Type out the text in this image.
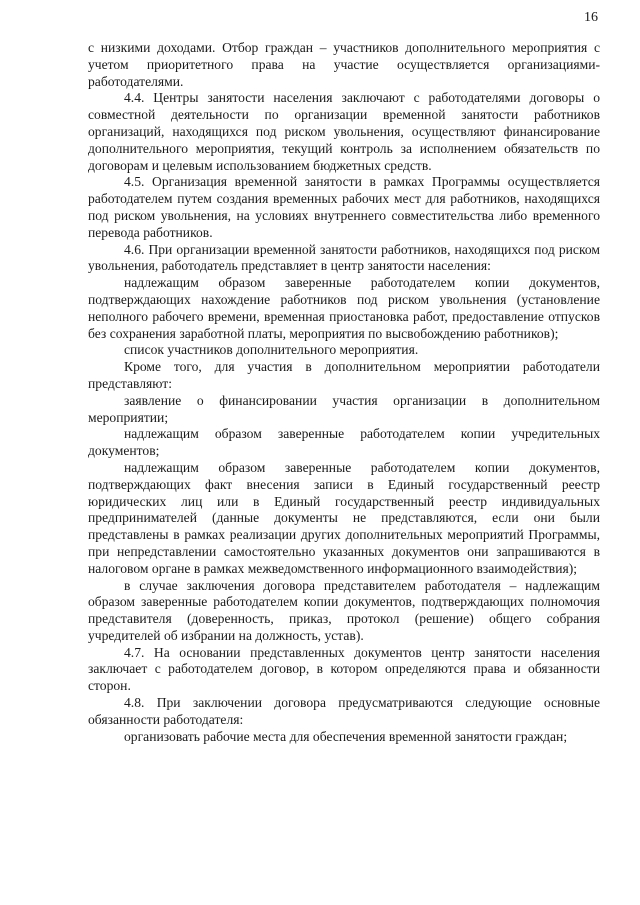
16

с низкими доходами. Отбор граждан – участников дополнительного мероприятия с учетом приоритетного права на участие осуществляется организациями-работодателями.

4.4. Центры занятости населения заключают с работодателями договоры о совместной деятельности по организации временной занятости работников организаций, находящихся под риском увольнения, осуществляют финансирование дополнительного мероприятия, текущий контроль за исполнением обязательств по договорам и целевым использованием бюджетных средств.

4.5. Организация временной занятости в рамках Программы осуществляется работодателем путем создания временных рабочих мест для работников, находящихся под риском увольнения, на условиях внутреннего совместительства либо временного перевода работников.

4.6. При организации временной занятости работников, находящихся под риском увольнения, работодатель представляет в центр занятости населения:

надлежащим образом заверенные работодателем копии документов, подтверждающих нахождение работников под риском увольнения (установление неполного рабочего времени, временная приостановка работ, предоставление отпусков без сохранения заработной платы, мероприятия по высвобождению работников);

список участников дополнительного мероприятия.

Кроме того, для участия в дополнительном мероприятии работодатели представляют:

заявление о финансировании участия организации в дополнительном мероприятии;

надлежащим образом заверенные работодателем копии учредительных документов;

надлежащим образом заверенные работодателем копии документов, подтверждающих факт внесения записи в Единый государственный реестр юридических лиц или в Единый государственный реестр индивидуальных предпринимателей (данные документы не представляются, если они были представлены в рамках реализации других дополнительных мероприятий Программы, при непредставлении самостоятельно указанных документов они запрашиваются в налоговом органе в рамках межведомственного информационного взаимодействия);

в случае заключения договора представителем работодателя – надлежащим образом заверенные работодателем копии документов, подтверждающих полномочия представителя (доверенность, приказ, протокол (решение) общего собрания учредителей об избрании на должность, устав).

4.7. На основании представленных документов центр занятости населения заключает с работодателем договор, в котором определяются права и обязанности сторон.

4.8. При заключении договора предусматриваются следующие основные обязанности работодателя:

организовать рабочие места для обеспечения временной занятости граждан;
